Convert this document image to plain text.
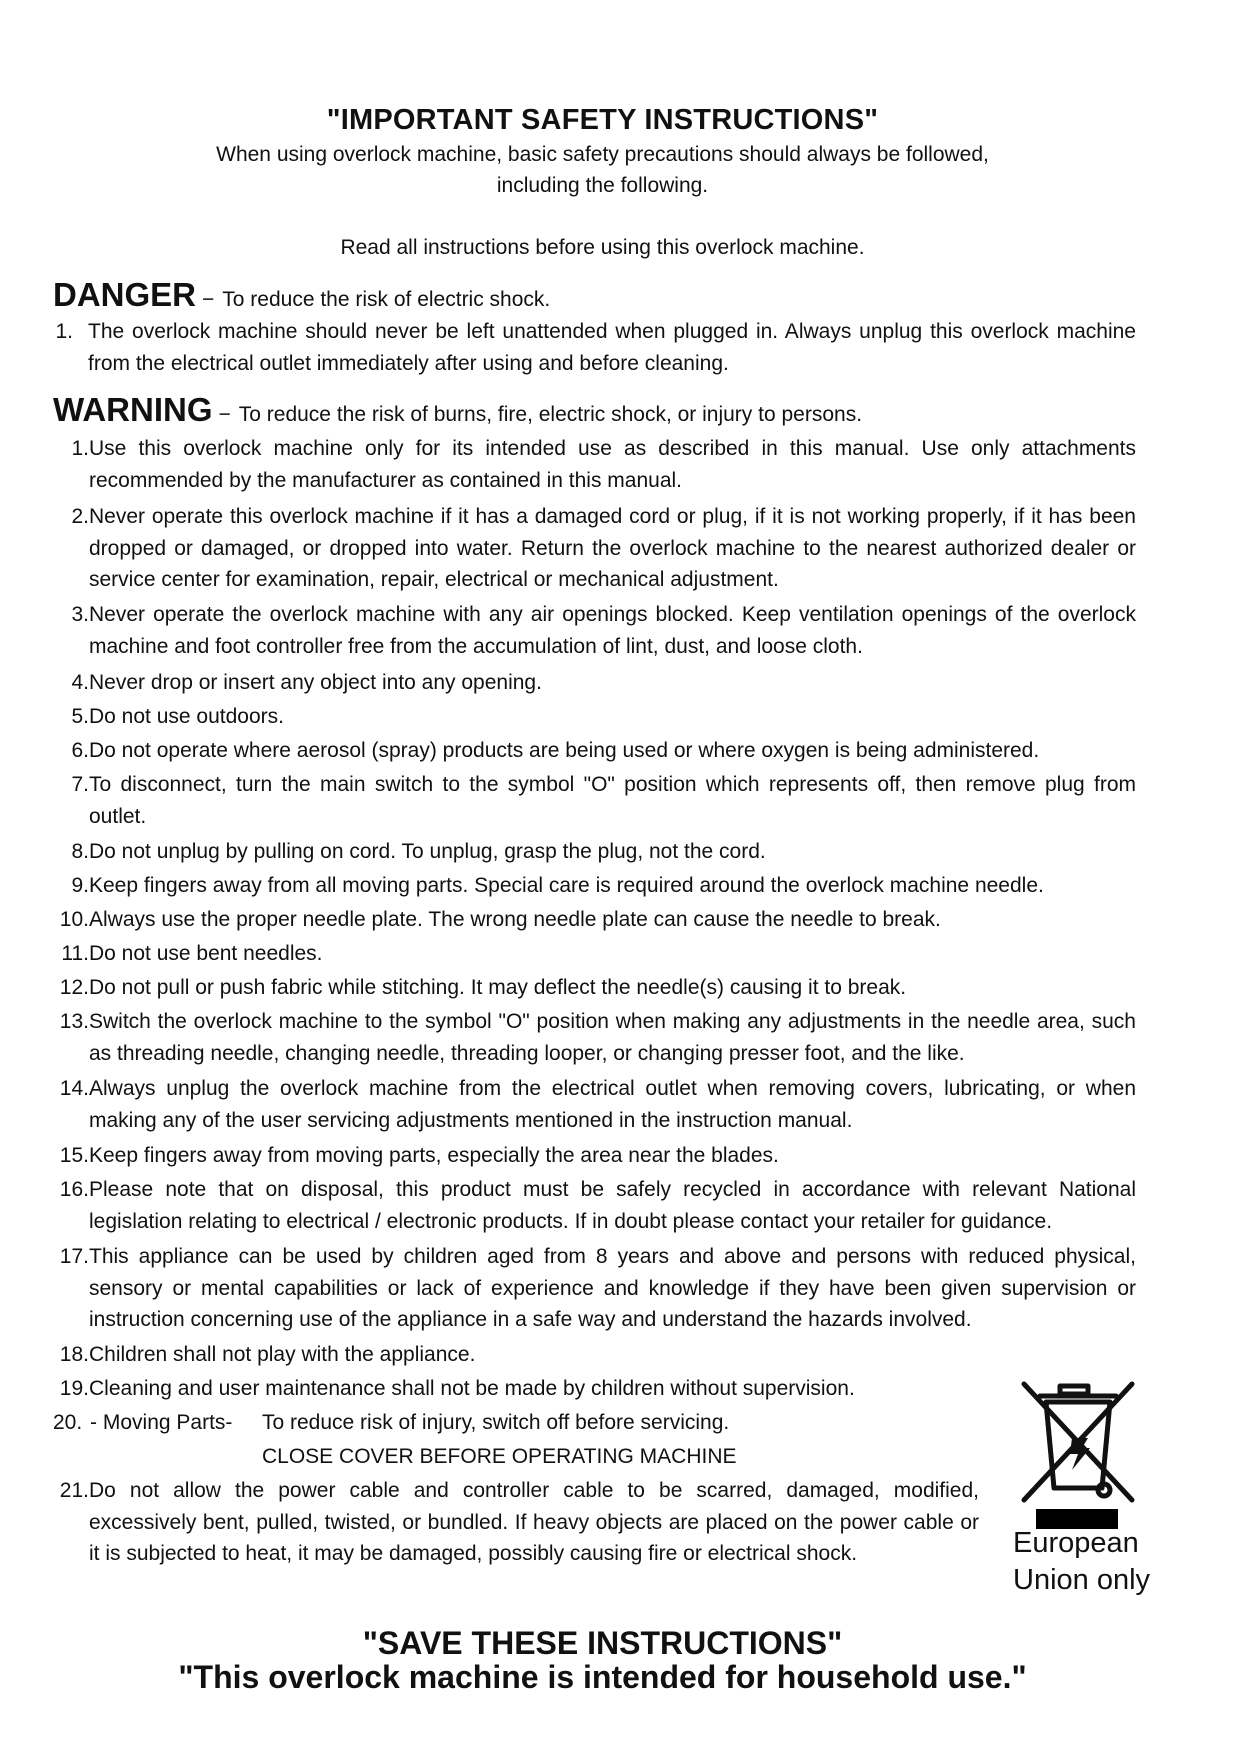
"IMPORTANT SAFETY INSTRUCTIONS"
When using overlock machine, basic safety precautions should always be followed,
including the following.
Read all instructions before using this overlock machine.
DANGER − To reduce the risk of electric shock.
1. The overlock machine should never be left unattended when plugged in. Always unplug this overlock machine from the electrical outlet immediately after using and before cleaning.
WARNING − To reduce the risk of burns, fire, electric shock, or injury to persons.
1. Use this overlock machine only for its intended use as described in this manual. Use only attachments recommended by the manufacturer as contained in this manual.
2. Never operate this overlock machine if it has a damaged cord or plug, if it is not working properly, if it has been dropped or damaged, or dropped into water. Return the overlock machine to the nearest authorized dealer or service center for examination, repair, electrical or mechanical adjustment.
3. Never operate the overlock machine with any air openings blocked. Keep ventilation openings of the overlock machine and foot controller free from the accumulation of lint, dust, and loose cloth.
4. Never drop or insert any object into any opening.
5. Do not use outdoors.
6. Do not operate where aerosol (spray) products are being used or where oxygen is being administered.
7. To disconnect, turn the main switch to the symbol "O" position which represents off, then remove plug from outlet.
8. Do not unplug by pulling on cord. To unplug, grasp the plug, not the cord.
9. Keep fingers away from all moving parts. Special care is required around the overlock machine needle.
10. Always use the proper needle plate. The wrong needle plate can cause the needle to break.
11. Do not use bent needles.
12. Do not pull or push fabric while stitching. It may deflect the needle(s) causing it to break.
13. Switch the overlock machine to the symbol "O" position when making any adjustments in the needle area, such as threading needle, changing needle, threading looper, or changing presser foot, and the like.
14. Always unplug the overlock machine from the electrical outlet when removing covers, lubricating, or when making any of the user servicing adjustments mentioned in the instruction manual.
15. Keep fingers away from moving parts, especially the area near the blades.
16. Please note that on disposal, this product must be safely recycled in accordance with relevant National legislation relating to electrical / electronic products. If in doubt please contact your retailer for guidance.
17. This appliance can be used by children aged from 8 years and above and persons with reduced physical, sensory or mental capabilities or lack of experience and knowledge if they have been given supervision or instruction concerning use of the appliance in a safe way and understand the hazards involved.
18. Children shall not play with the appliance.
19. Cleaning and user maintenance shall not be made by children without supervision.
20. - Moving Parts- To reduce risk of injury, switch off before servicing.
CLOSE COVER BEFORE OPERATING MACHINE
21. Do not allow the power cable and controller cable to be scarred, damaged, modified, excessively bent, pulled, twisted, or bundled. If heavy objects are placed on the power cable or it is subjected to heat, it may be damaged, possibly causing fire or electrical shock.	European
Union only
"SAVE THESE INSTRUCTIONS"
"This overlock machine is intended for household use."
